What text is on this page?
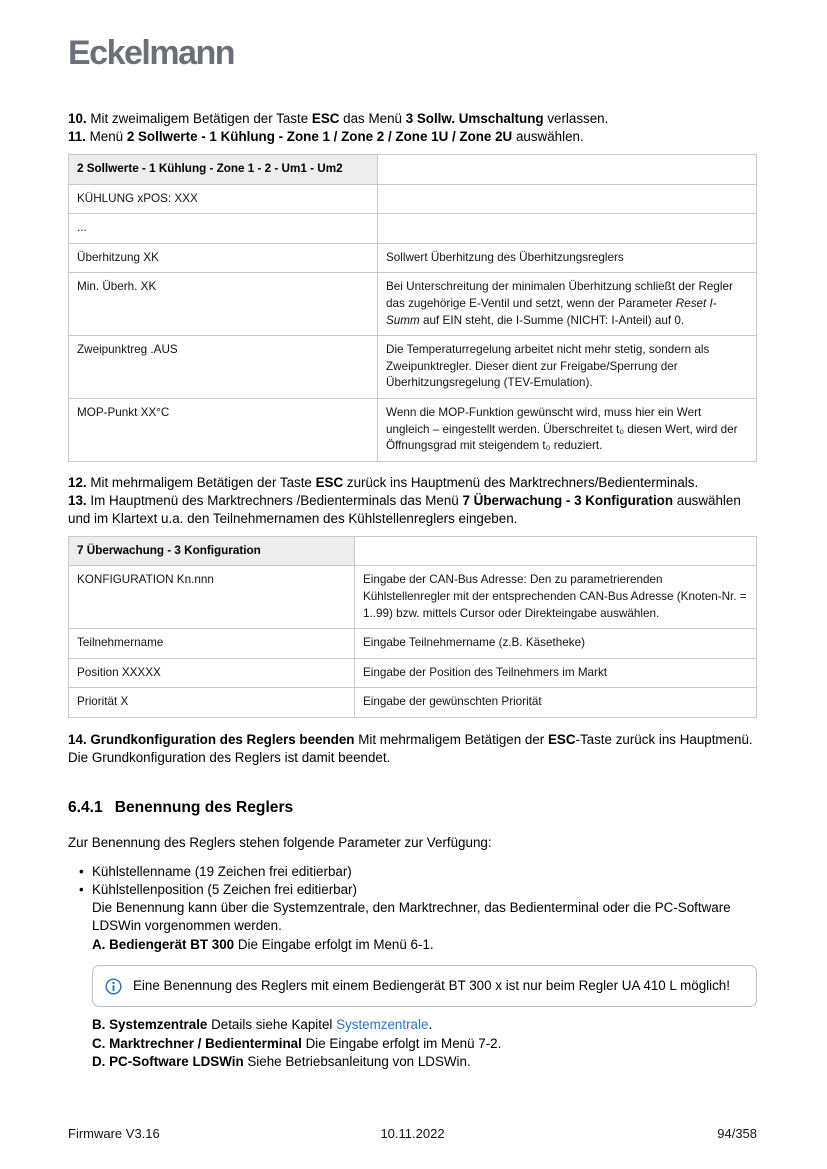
Eckelmann

10. Mit zweimaligem Betätigen der Taste ESC das Menü 3 Sollw. Umschaltung verlassen.

11. Menü 2 Sollwerte - 1 Kühlung - Zone 1 / Zone 2 / Zone 1U / Zone 2U auswählen.

2 Sollwerte - 1 Kühlung - Zone 1 - 2 - Um1 - Um2	
KÜHLUNG xPOS: XXX	
...	
Überhitzung XK	Sollwert Überhitzung des Überhitzungsreglers
Min. Überh. XK	Bei Unterschreitung der minimalen Überhitzung schließt der Regler das zugehörige E-Ventil und setzt, wenn der Parameter Reset I-Summ auf EIN steht, die I-Summe (NICHT: I-Anteil) auf 0.
Zweipunktreg .AUS	Die Temperaturregelung arbeitet nicht mehr stetig, sondern als Zweipunktregler. Dieser dient zur Freigabe/Sperrung der Überhitzungsregelung (TEV-Emulation).
MOP-Punkt XX°C	Wenn die MOP-Funktion gewünscht wird, muss hier ein Wert ungleich – eingestellt werden. Überschreitet t₀ diesen Wert, wird der Öffnungsgrad mit steigendem t₀ reduziert.

12. Mit mehrmaligem Betätigen der Taste ESC zurück ins Hauptmenü des Marktrechners/Bedienterminals.

13. Im Hauptmenü des Marktrechners /Bedienterminals das Menü 7 Überwachung - 3 Konfiguration auswählen und im Klartext u.a. den Teilnehmernamen des Kühlstellenreglers eingeben.

7 Überwachung - 3 Konfiguration	
KONFIGURATION Kn.nnn	Eingabe der CAN-Bus Adresse: Den zu parametrierenden Kühlstellenregler mit der entsprechenden CAN-Bus Adresse (Knoten-Nr. = 1..99) bzw. mittels Cursor oder Direkteingabe auswählen.
Teilnehmername	Eingabe Teilnehmername (z.B. Käsetheke)
Position XXXXX	Eingabe der Position des Teilnehmers im Markt
Priorität X	Eingabe der gewünschten Priorität

14. Grundkonfiguration des Reglers beenden Mit mehrmaligem Betätigen der ESC-Taste zurück ins Hauptmenü. Die Grundkonfiguration des Reglers ist damit beendet.

6.4.1 Benennung des Reglers

Zur Benennung des Reglers stehen folgende Parameter zur Verfügung:

• Kühlstellenname (19 Zeichen frei editierbar)
• Kühlstellenposition (5 Zeichen frei editierbar)

Die Benennung kann über die Systemzentrale, den Marktrechner, das Bedienterminal oder die PC-Software LDSWin vorgenommen werden.

A. Bediengerät BT 300 Die Eingabe erfolgt im Menü 6-1.

Eine Benennung des Reglers mit einem Bediengerät BT 300 x ist nur beim Regler UA 410 L möglich!

B. Systemzentrale Details siehe Kapitel Systemzentrale.

C. Marktrechner / Bedienterminal Die Eingabe erfolgt im Menü 7-2.

D. PC-Software LDSWin Siehe Betriebsanleitung von LDSWin.

Firmware V3.16	10.11.2022	94/358
